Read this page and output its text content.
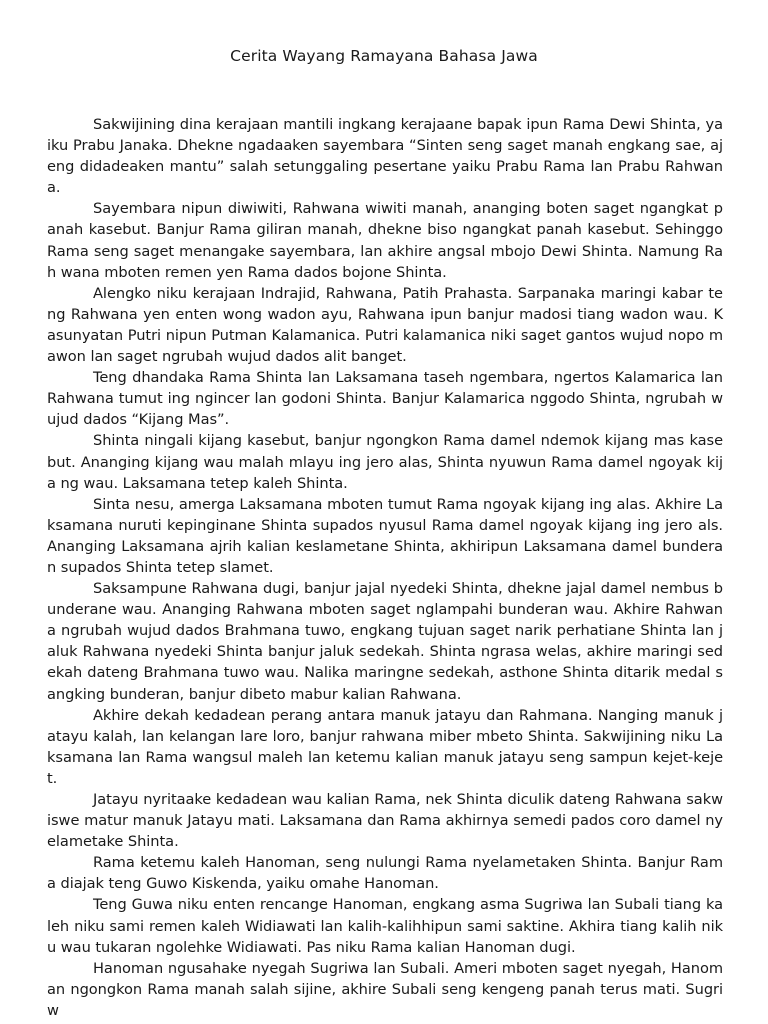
Cerita Wayang Ramayana Bahasa Jawa

Sakwijining dina kerajaan mantili ingkang kerajaane bapak ipun Rama Dewi Shinta, ya iku Prabu Janaka. Dhekne ngadaaken sayembara “Sinten seng saget manah engkang sae, aj eng didadeaken mantu” salah setunggaling pesertane yaiku Prabu Rama lan Prabu Rahwana.

Sayembara nipun diwiwiti, Rahwana wiwiti manah, ananging boten saget ngangkat p anah kasebut. Banjur Rama giliran manah, dhekne biso ngangkat panah kasebut. Sehinggo Rama seng saget menangake sayembara, lan akhire angsal mbojo Dewi Shinta. Namung Rah wana mboten remen yen Rama dados bojone Shinta.

Alengko niku kerajaan Indrajid, Rahwana, Patih Prahasta. Sarpanaka maringi kabar te ng Rahwana yen enten wong wadon ayu, Rahwana ipun banjur madosi tiang wadon wau. K asunyatan Putri nipun Putman Kalamanica. Putri kalamanica niki saget gantos wujud nopo mawon lan saget ngrubah wujud dados alit banget.

Teng dhandaka Rama Shinta lan Laksamana taseh ngembara, ngertos Kalamarica lan Rahwana tumut ing ngincer lan godoni Shinta. Banjur Kalamarica nggodo Shinta, ngrubah w ujud dados “Kijang Mas”.

Shinta ningali kijang kasebut, banjur ngongkon Rama damel ndemok kijang mas kase but. Ananging kijang wau malah mlayu ing jero alas, Shinta nyuwun Rama damel ngoyak kija ng wau. Laksamana tetep kaleh Shinta.

Sinta nesu, amerga Laksamana mboten tumut Rama ngoyak kijang ing alas. Akhire La ksamana nuruti kepinginane Shinta supados nyusul Rama damel ngoyak kijang ing jero als. Ananging Laksamana ajrih kalian keslametane Shinta, akhiripun Laksamana damel bundera n supados Shinta tetep slamet.

Saksampune Rahwana dugi, banjur jajal nyedeki Shinta, dhekne jajal damel nembus b underane wau. Ananging Rahwana mboten saget nglampahi bunderan wau. Akhire Rahwan a ngrubah wujud dados Brahmana tuwo, engkang tujuan saget narik perhatiane Shinta lan j aluk Rahwana nyedeki Shinta banjur jaluk sedekah. Shinta ngrasa welas, akhire maringi sed ekah dateng Brahmana tuwo wau. Nalika maringne sedekah, asthone Shinta ditarik medal s angking bunderan, banjur dibeto mabur kalian Rahwana.

Akhire dekah kedadean perang antara manuk jatayu dan Rahmana. Nanging manuk j atayu kalah, lan kelangan lare loro, banjur rahwana miber mbeto Shinta. Sakwijining niku La ksamana lan Rama wangsul maleh lan ketemu kalian manuk jatayu seng sampun kejet-kejet.

Jatayu nyritaake kedadean wau kalian Rama, nek Shinta diculik dateng Rahwana sakw iswe matur manuk Jatayu mati. Laksamana dan Rama akhirnya semedi pados coro damel ny elametake Shinta.

Rama ketemu kaleh Hanoman, seng nulungi Rama nyelametaken Shinta. Banjur Ram a diajak teng Guwo Kiskenda, yaiku omahe Hanoman.

Teng Guwa niku enten rencange Hanoman, engkang asma Sugriwa lan Subali tiang ka leh niku sami remen kaleh Widiawati lan kalih-kalihhipun sami saktine. Akhira tiang kalih nik u wau tukaran ngolehke Widiawati. Pas niku Rama kalian Hanoman dugi.

Hanoman ngusahake nyegah Sugriwa lan Subali. Ameri mboten saget nyegah, Hanom an ngongkon Rama manah salah sijine, akhire Subali seng kengeng panah terus mati. Sugriw
